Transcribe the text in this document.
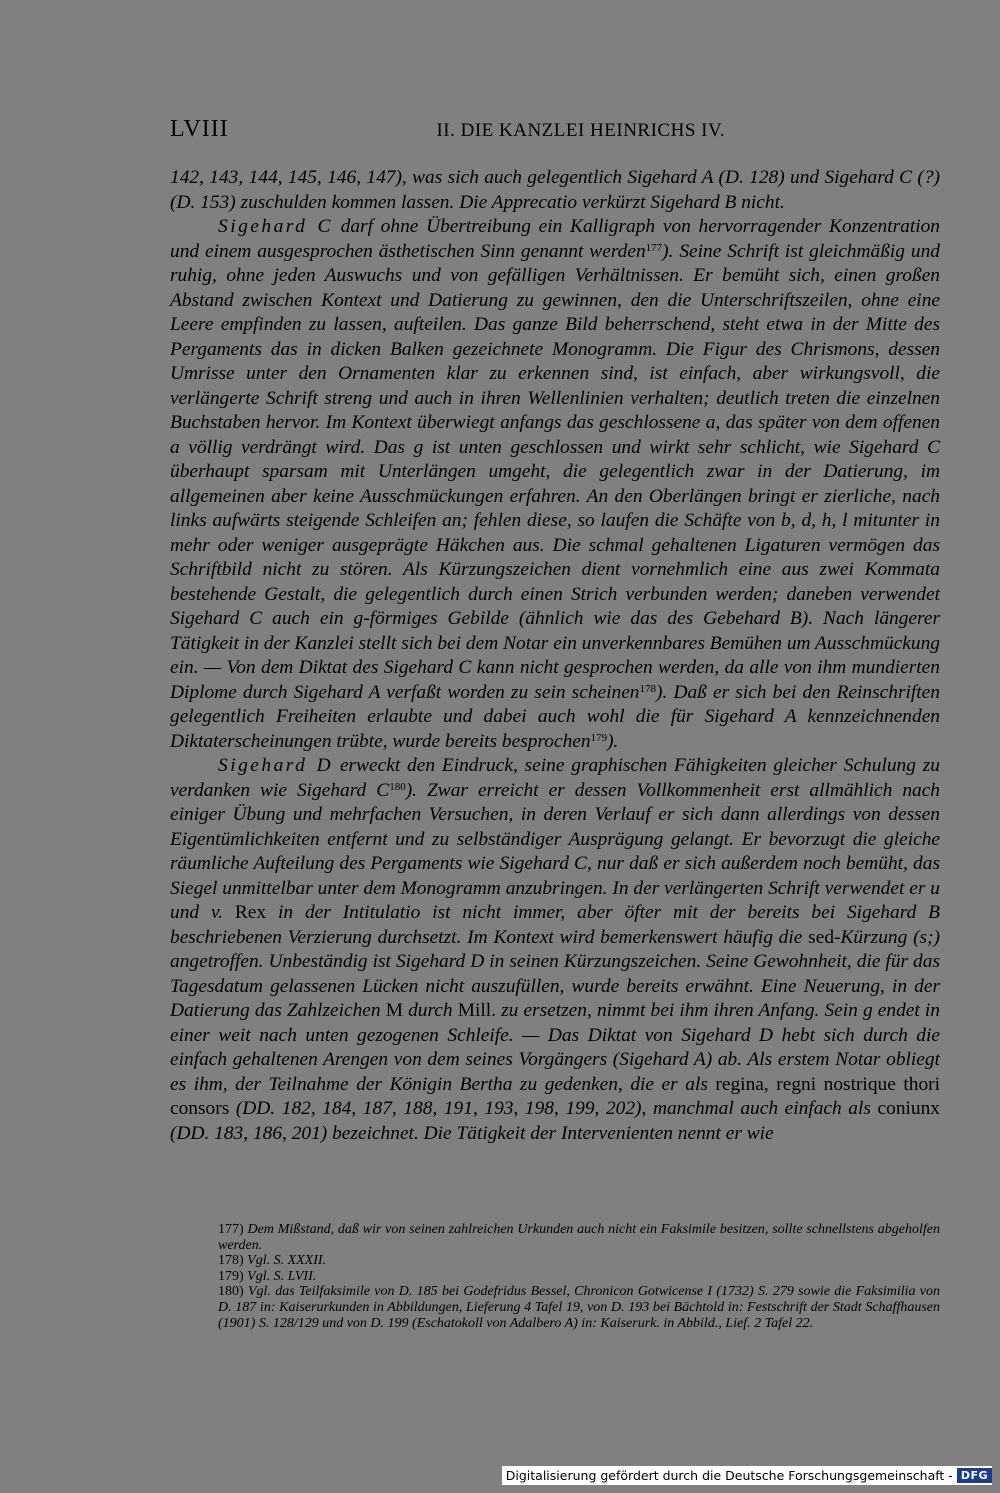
LVIII	II. DIE KANZLEI HEINRICHS IV.

142, 143, 144, 145, 146, 147), was sich auch gelegentlich Sigehard A (D. 128) und Sigehard C (?) (D. 153) zuschulden kommen lassen. Die Apprecatio verkürzt Sigehard B nicht.

Sigehard C darf ohne Übertreibung ein Kalligraph von hervorragender Konzentration und einem ausgesprochen ästhetischen Sinn genannt werden$^{177}$). Seine Schrift ist gleichmäßig und ruhig, ohne jeden Auswuchs und von gefälligen Verhältnissen. Er bemüht sich, einen großen Abstand zwischen Kontext und Datierung zu gewinnen, den die Unterschriftszeilen, ohne eine Leere empfinden zu lassen, aufteilen. Das ganze Bild beherrschend, steht etwa in der Mitte des Pergaments das in dicken Balken gezeichnete Monogramm. Die Figur des Chrismons, dessen Umrisse unter den Ornamenten klar zu erkennen sind, ist einfach, aber wirkungsvoll, die verlängerte Schrift streng und auch in ihren Wellenlinien verhalten; deutlich treten die einzelnen Buchstaben hervor. Im Kontext überwiegt anfangs das geschlossene a, das später von dem offenen a völlig verdrängt wird. Das g ist unten geschlossen und wirkt sehr schlicht, wie Sigehard C überhaupt sparsam mit Unterlängen umgeht, die gelegentlich zwar in der Datierung, im allgemeinen aber keine Ausschmückungen erfahren. An den Oberlängen bringt er zierliche, nach links aufwärts steigende Schleifen an; fehlen diese, so laufen die Schäfte von b, d, h, l mitunter in mehr oder weniger ausgeprägte Häkchen aus. Die schmal gehaltenen Ligaturen vermögen das Schriftbild nicht zu stören. Als Kürzungszeichen dient vornehmlich eine aus zwei Kommata bestehende Gestalt, die gelegentlich durch einen Strich verbunden werden; daneben verwendet Sigehard C auch ein g-förmiges Gebilde (ähnlich wie das des Gebehard B). Nach längerer Tätigkeit in der Kanzlei stellt sich bei dem Notar ein unverkennbares Bemühen um Ausschmückung ein. — Von dem Diktat des Sigehard C kann nicht gesprochen werden, da alle von ihm mundierten Diplome durch Sigehard A verfaßt worden zu sein scheinen$^{178}$). Daß er sich bei den Reinschriften gelegentlich Freiheiten erlaubte und dabei auch wohl die für Sigehard A kennzeichnenden Diktaterscheinungen trübte, wurde bereits besprochen$^{179}$).

Sigehard D erweckt den Eindruck, seine graphischen Fähigkeiten gleicher Schulung zu verdanken wie Sigehard $C^{180}$). Zwar erreicht er dessen Vollkommenheit erst allmählich nach einiger Übung und mehrfachen Versuchen, in deren Verlauf er sich dann allerdings von dessen Eigentümlichkeiten entfernt und zu selbständiger Ausprägung gelangt. Er bevorzugt die gleiche räumliche Aufteilung des Pergaments wie Sigehard C, nur daß er sich außerdem noch bemüht, das Siegel unmittelbar unter dem Monogramm anzubringen. In der verlängerten Schrift verwendet er u und v. Rex in der Intitulatio ist nicht immer, aber öfter mit der bereits bei Sigehard B beschriebenen Verzierung durchsetzt. Im Kontext wird bemerkenswert häufig die sed-Kürzung (s;) angetroffen. Unbeständig ist Sigehard D in seinen Kürzungszeichen. Seine Gewohnheit, die für das Tagesdatum gelassenen Lücken nicht auszufüllen, wurde bereits erwähnt. Eine Neuerung, in der Datierung das Zahlzeichen M durch Mill. zu ersetzen, nimmt bei ihm ihren Anfang. Sein g endet in einer weit nach unten gezogenen Schleife. — Das Diktat von Sigehard D hebt sich durch die einfach gehaltenen Arengen von dem seines Vorgängers (Sigehard A) ab. Als erstem Notar obliegt es ihm, der Teilnahme der Königin Bertha zu gedenken, die er als regina, regni nostrique thori consors (DD. 182, 184, 187, 188, 191, 193, 198, 199, 202), manchmal auch einfach als coniunx (DD. 183, 186, 201) bezeichnet. Die Tätigkeit der Intervenienten nennt er wie

177) Dem Mißstand, daß wir von seinen zahlreichen Urkunden auch nicht ein Faksimile besitzen, sollte schnellstens abgeholfen werden.

178) Vgl. S. XXXII.

179) Vgl. S. LVII.

180) Vgl. das Teilfaksimile von D. 185 bei Godefridus Bessel, Chronicon Gotwicense I (1732) S. 279 sowie die Faksimilia von D. 187 in: Kaiserurkunden in Abbildungen, Lieferung 4 Tafel 19, von D. 193 bei Bächtold in: Festschrift der Stadt Schaffhausen (1901) S. 128/129 und von D. 199 (Eschatokoll von Adalbero A) in: Kaiserurk. in Abbild., Lief. 2 Tafel 22.

Digitalisierung gefördert durch die Deutsche Forschungsgemeinschaft - DFG
